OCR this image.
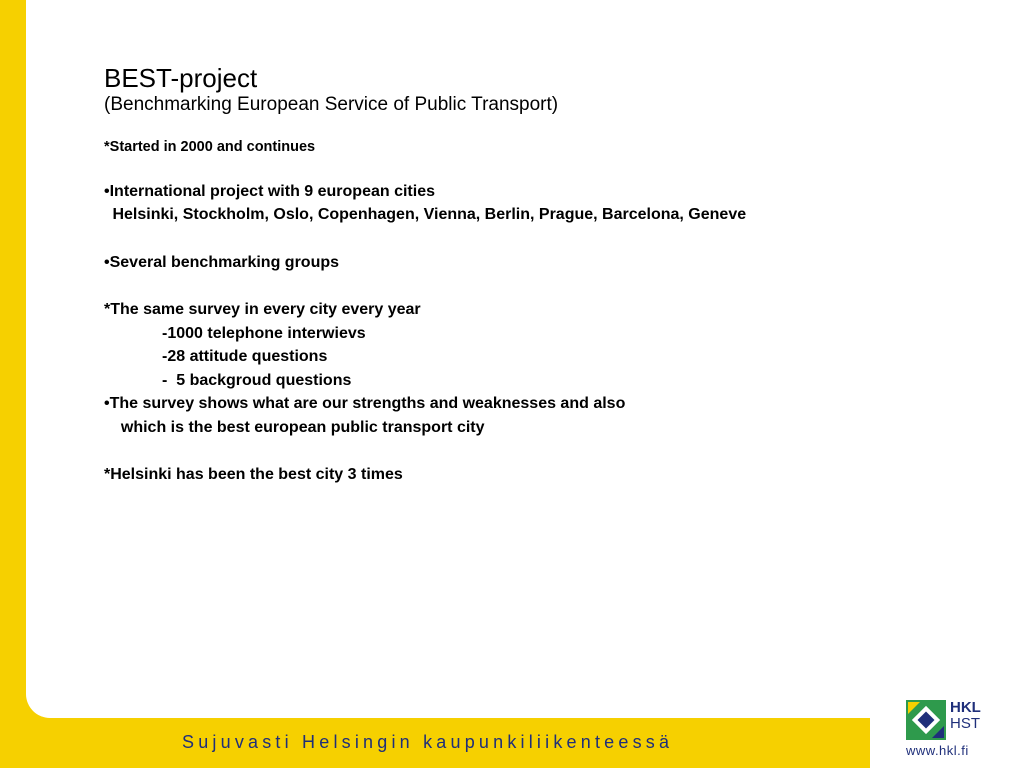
BEST-project
(Benchmarking European Service of Public Transport)
*Started in 2000 and continues
•International project with 9 european cities
Helsinki, Stockholm, Oslo, Copenhagen, Vienna, Berlin, Prague, Barcelona, Geneve
•Several benchmarking groups
*The same survey in every city every year
-1000 telephone interwievs
-28 attitude questions
-  5 backgroud questions
•The survey shows what are our strengths and weaknesses and also
which is the best european public transport city
*Helsinki has been the best city 3 times
Sujuvasti Helsingin kaupunkiliikenteessä
HKL
HST
www.hkl.fi
